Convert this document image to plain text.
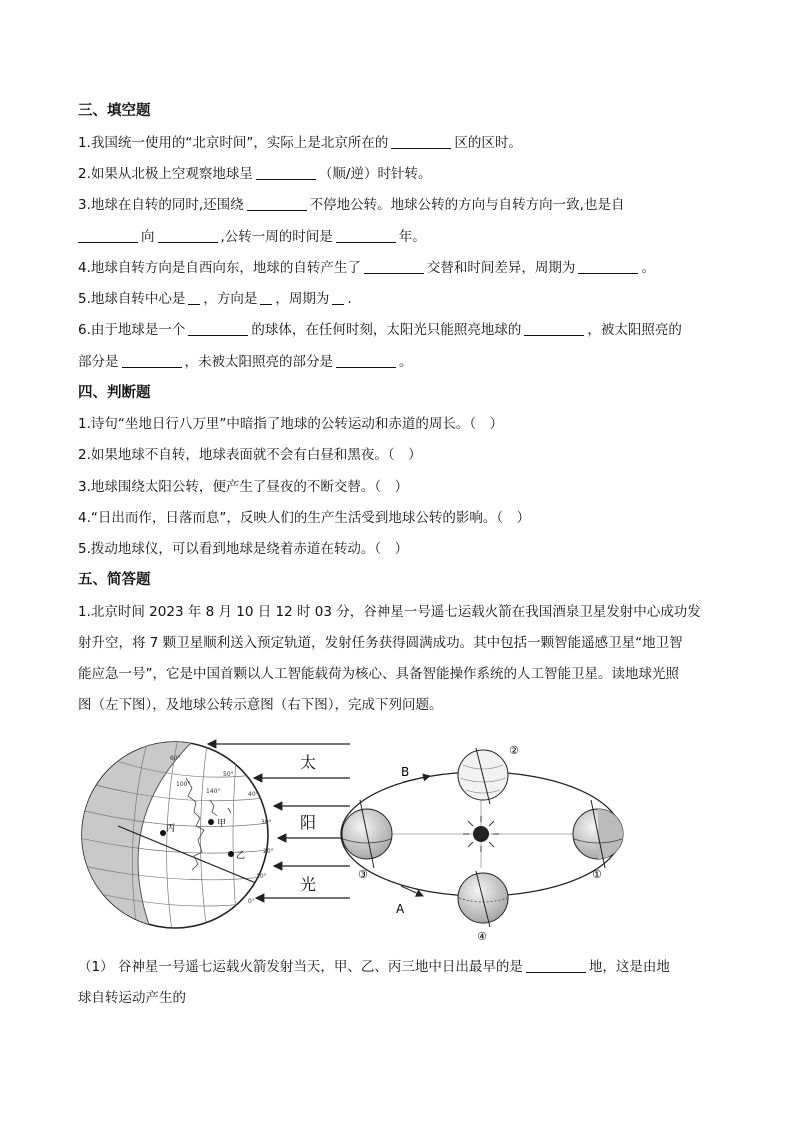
三、填空题
1.我国统一使用的“北京时间”，实际上是北京所在的	区的区时。
2.如果从北极上空观察地球呈	（顺/逆）时针转。
3.地球在自转的同时,还围绕	不停地公转。地球公转的方向与自转方向一致,也是自
向	,公转一周的时间是	年。
4.地球自转方向是自西向东，地球的自转产生了	交替和时间差异，周期为	。
5.地球自转中心是 ，方向是 ，周期为 .
6.由于地球是一个	的球体，在任何时刻，太阳光只能照亮地球的	，被太阳照亮的
部分是	，未被太阳照亮的部分是	。
四、判断题
1.诗句“坐地日行八万里”中暗指了地球的公转运动和赤道的周长。（　）
2.如果地球不自转，地球表面就不会有白昼和黑夜。（　）
3.地球围绕太阳公转，便产生了昼夜的不断交替。（　）
4.“日出而作，日落而息”，反映人们的生产生活受到地球公转的影响。（　）
5.拨动地球仪，可以看到地球是绕着赤道在转动。（　）
五、简答题
1.北京时间 2023 年 8 月 10 日 12 时 03 分，谷神星一号遥七运载火箭在我国酒泉卫星发射中心成功发
射升空，将 7 颗卫星顺利送入预定轨道，发射任务获得圆满成功。其中包括一颗智能遥感卫星“地卫智
能应急一号”，它是中国首颗以人工智能载荷为核心、具备智能操作系统的人工智能卫星。读地球光照
图（左下图），及地球公转示意图（右下图），完成下列问题。
（1） 谷神星一号遥七运载火箭发射当天，甲、乙、丙三地中日出最早的是	地，这是由地
球自转运动产生的
60°
50°
40°
30°
20°
10°
0°
100°
140°
甲
乙
丙
太
阳
光
①
②
③
④
B
A
